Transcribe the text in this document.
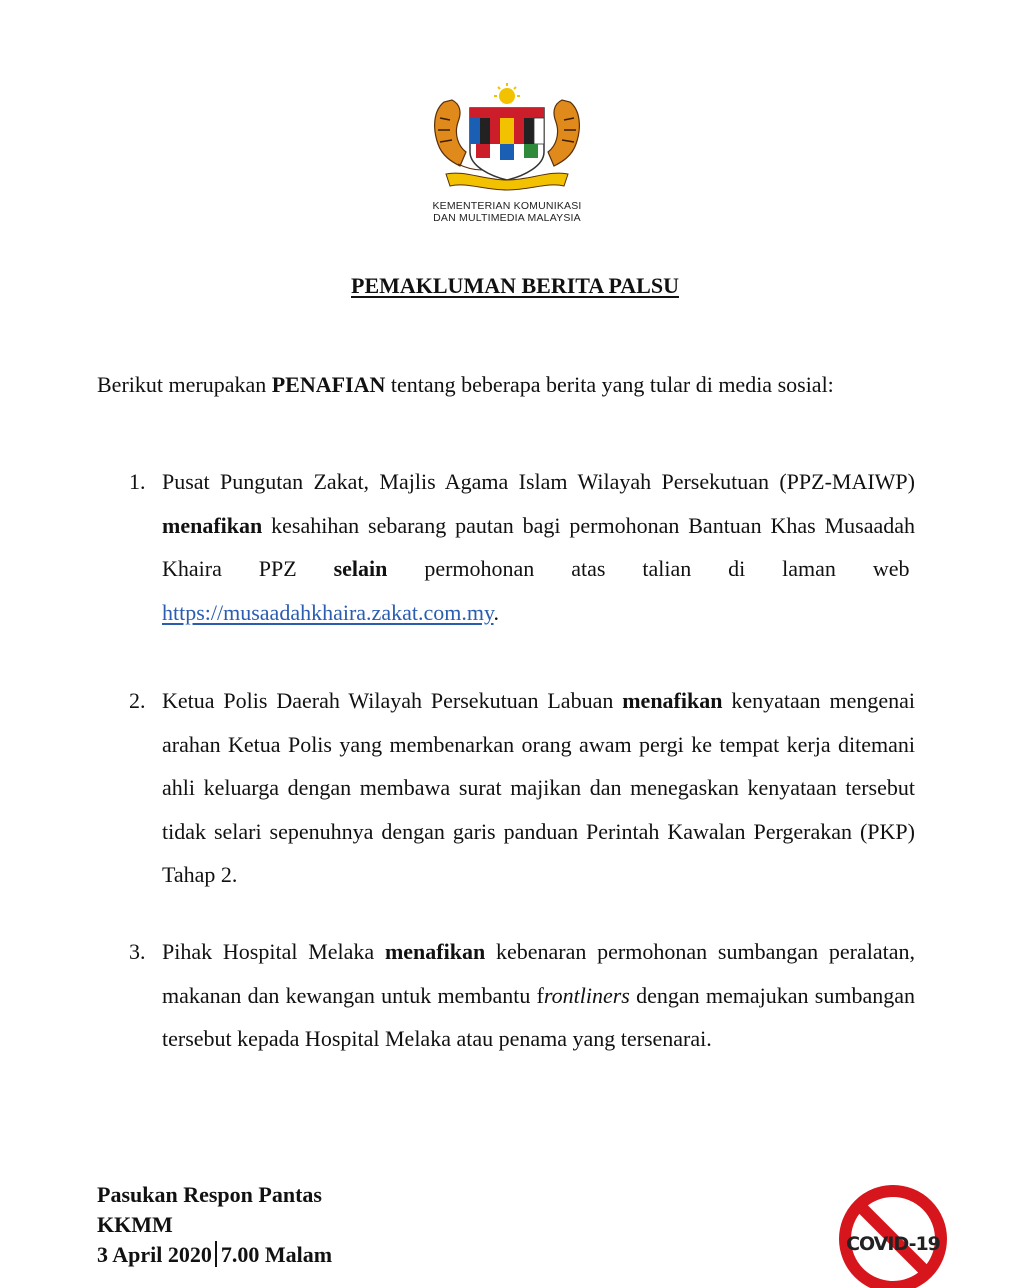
KEMENTERIAN KOMUNIKASI
DAN MULTIMEDIA MALAYSIA
PEMAKLUMAN BERITA PALSU
Berikut merupakan PENAFIAN tentang beberapa berita yang tular di media sosial:
1. Pusat Pungutan Zakat, Majlis Agama Islam Wilayah Persekutuan (PPZ-MAIWP) menafikan kesahihan sebarang pautan bagi permohonan Bantuan Khas Musaadah Khaira PPZ selain permohonan atas talian di laman web  https://musaadahkhaira.zakat.com.my.
2. Ketua Polis Daerah Wilayah Persekutuan Labuan menafikan kenyataan mengenai arahan Ketua Polis yang membenarkan orang awam pergi ke tempat kerja ditemani ahli keluarga dengan membawa surat majikan dan menegaskan kenyataan tersebut tidak selari sepenuhnya dengan garis panduan Perintah Kawalan Pergerakan (PKP) Tahap 2.
3. Pihak Hospital Melaka menafikan kebenaran permohonan sumbangan peralatan, makanan dan kewangan untuk membantu frontliners dengan memajukan sumbangan tersebut kepada Hospital Melaka atau penama yang tersenarai.
Pasukan Respon Pantas
KKMM
3 April 2020 7.00 Malam	COVID-19
